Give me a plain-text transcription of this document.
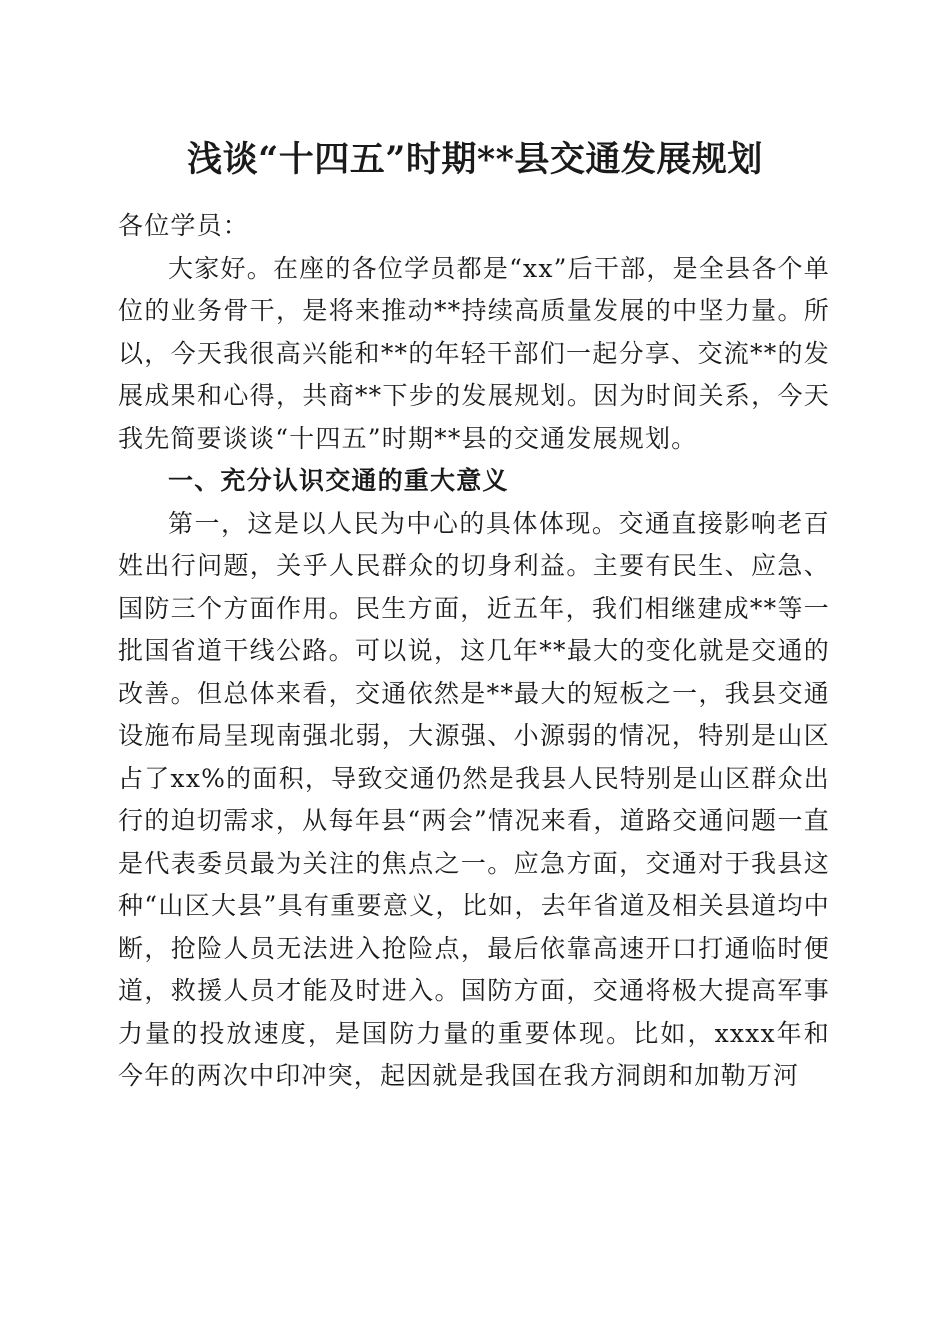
浅谈“十四五”时期**县交通发展规划

各位学员：

大家好。在座的各位学员都是“xx”后干部，是全县各个单位的业务骨干，是将来推动**持续高质量发展的中坚力量。所以，今天我很高兴能和**的年轻干部们一起分享、交流**的发展成果和心得，共商**下步的发展规划。因为时间关系，今天我先简要谈谈“十四五”时期**县的交通发展规划。

一、充分认识交通的重大意义

第一，这是以人民为中心的具体体现。交通直接影响老百姓出行问题，关乎人民群众的切身利益。主要有民生、应急、国防三个方面作用。民生方面，近五年，我们相继建成**等一批国省道干线公路。可以说，这几年**最大的变化就是交通的改善。但总体来看，交通依然是**最大的短板之一，我县交通设施布局呈现南强北弱，大源强、小源弱的情况，特别是山区占了xx%的面积，导致交通仍然是我县人民特别是山区群众出行的迫切需求，从每年县“两会”情况来看，道路交通问题一直是代表委员最为关注的焦点之一。应急方面，交通对于我县这种“山区大县”具有重要意义，比如，去年省道及相关县道均中断，抢险人员无法进入抢险点，最后依靠高速开口打通临时便道，救援人员才能及时进入。国防方面，交通将极大提高军事力量的投放速度，是国防力量的重要体现。比如，xxxx年和今年的两次中印冲突，起因就是我国在我方洞朗和加勒万河
